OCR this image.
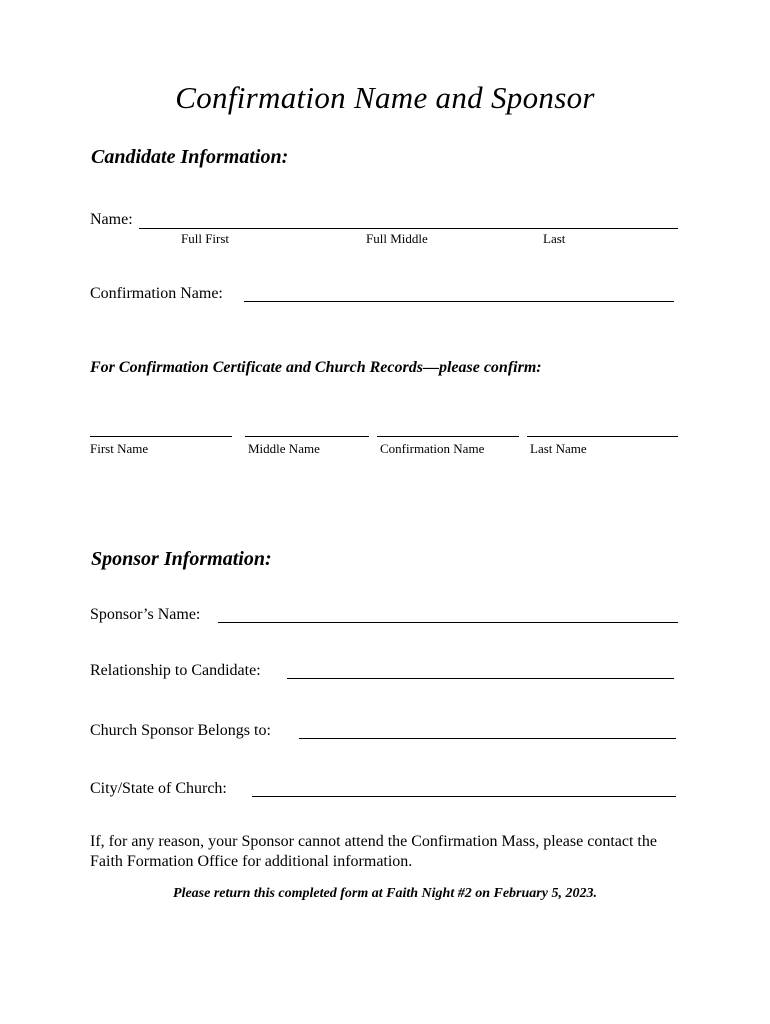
Confirmation Name and Sponsor
Candidate Information:
Name:
Full First	Full Middle	Last
Confirmation Name:
For Confirmation Certificate and Church Records—please confirm:
First Name	Middle Name	Confirmation Name	Last Name
Sponsor Information:
Sponsor’s Name:
Relationship to Candidate:
Church Sponsor Belongs to:
City/State of Church:
If, for any reason, your Sponsor cannot attend the Confirmation Mass, please contact the Faith Formation Office for additional information.
Please return this completed form at Faith Night #2 on February 5, 2023.
